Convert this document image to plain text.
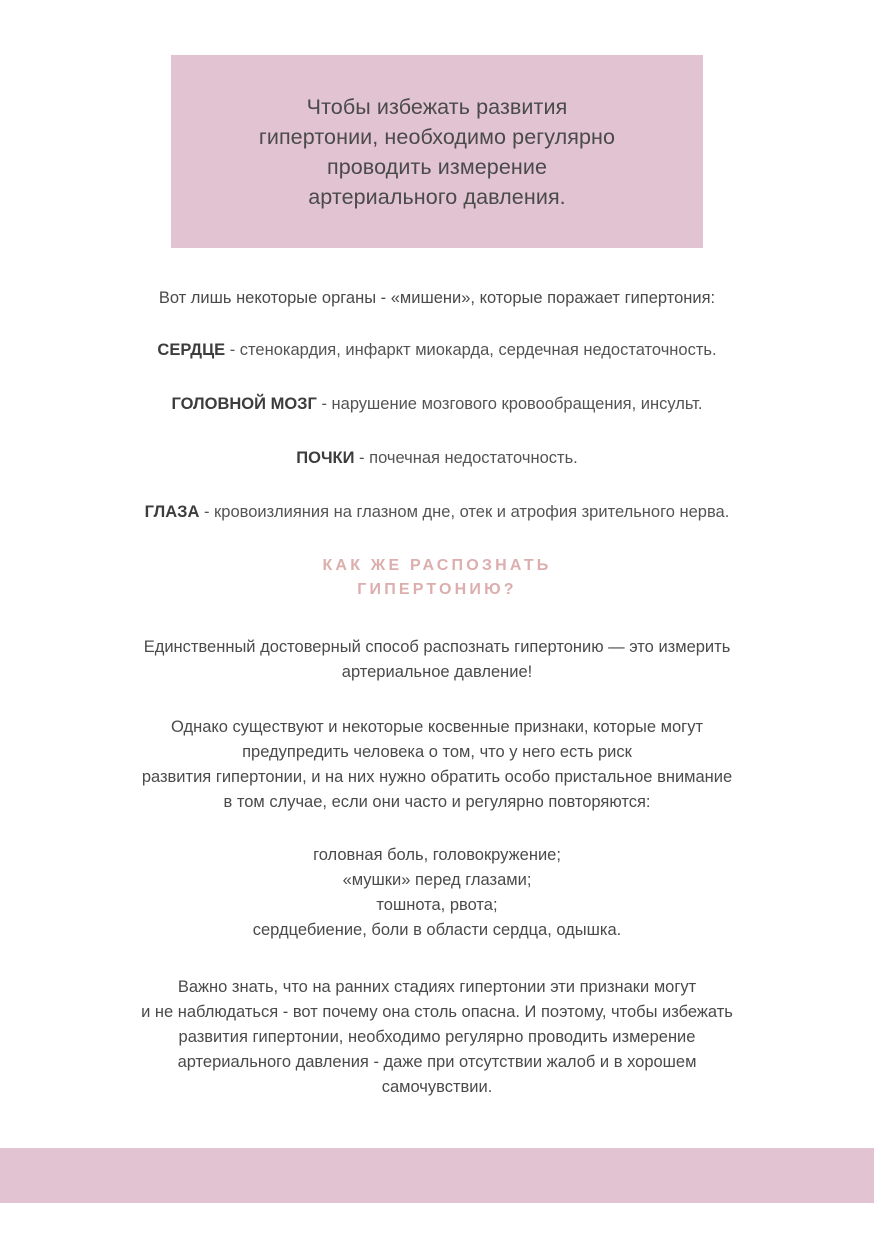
Чтобы избежать развития
гипертонии, необходимо регулярно
проводить измерение
артериального давления.
Вот лишь некоторые органы - «мишени», которые поражает гипертония:
СЕРДЦЕ - стенокардия, инфаркт миокарда, сердечная недостаточность.
ГОЛОВНОЙ МОЗГ - нарушение мозгового кровообращения, инсульт.
ПОЧКИ - почечная недостаточность.
ГЛАЗА - кровоизлияния на глазном дне, отек и атрофия зрительного нерва.
КАК ЖЕ РАСПОЗНАТЬ
ГИПЕРТОНИЮ?
Единственный достоверный способ распознать гипертонию — это измерить
артериальное давление!
Однако существуют и некоторые косвенные признаки, которые могут
предупредить человека о том, что у него есть риск
развития гипертонии, и на них нужно обратить особо пристальное внимание
в том случае, если они часто и регулярно повторяются:
головная боль, головокружение;
«мушки» перед глазами;
тошнота, рвота;
сердцебиение, боли в области сердца, одышка.
Важно знать, что на ранних стадиях гипертонии эти признаки могут
и не наблюдаться - вот почему она столь опасна. И поэтому, чтобы избежать
развития гипертонии, необходимо регулярно проводить измерение
артериального давления - даже при отсутствии жалоб и в хорошем
самочувствии.
